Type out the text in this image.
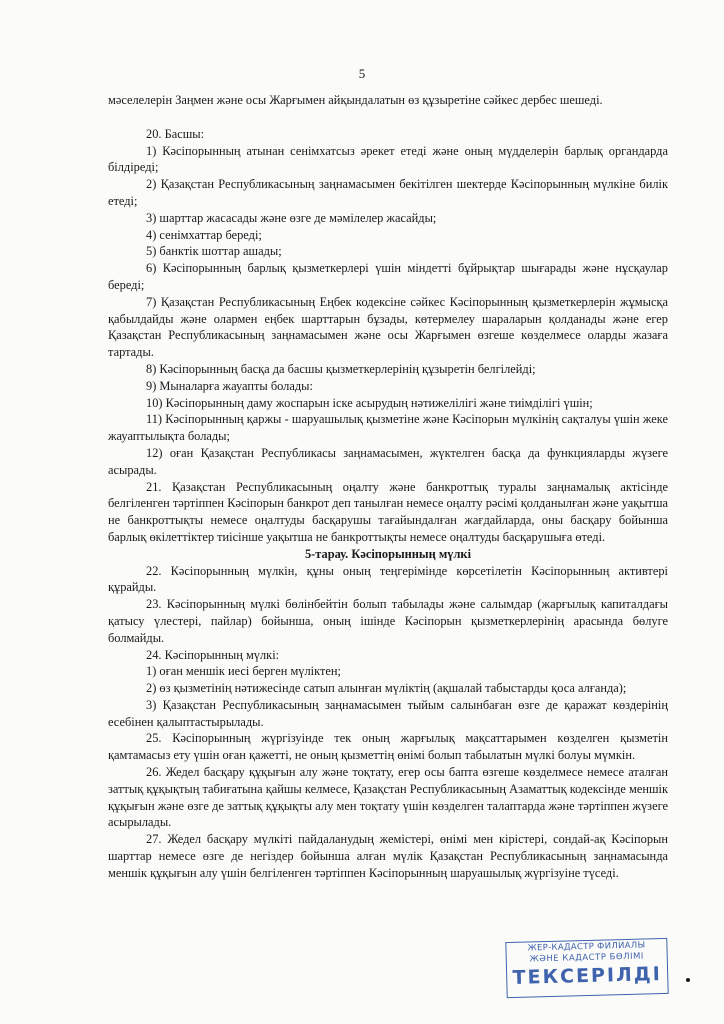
5

мәселелерін Заңмен және осы Жарғымен айқындалатын өз құзыретіне сәйкес дербес шешеді.

20. Басшы:

1) Кәсіпорынның атынан сенімхатсыз әрекет етеді және оның мүдделерін барлық органдарда білдіреді;

2) Қазақстан Республикасының заңнамасымен бекітілген шектерде Кәсіпорынның мүлкіне билік етеді;

3) шарттар жасасады және өзге де мәмілелер жасайды;

4) сенімхаттар береді;

5) банктік шоттар ашады;

6) Кәсіпорынның барлық қызметкерлері үшін міндетті бұйрықтар шығарады және нұсқаулар береді;

7) Қазақстан Республикасының Еңбек кодексіне сәйкес Кәсіпорынның қызметкерлерін жұмысқа қабылдайды және олармен еңбек шарттарын бұзады, көтермелеу шараларын қолданады және егер Қазақстан Республикасының заңнамасымен және осы Жарғымен өзгеше көзделмесе оларды жазаға тартады.

8) Кәсіпорынның басқа да басшы қызметкерлерінің құзыретін белгілейді;

9) Мыналарға жауапты болады:

10) Кәсіпорынның даму жоспарын іске асырудың нәтижелілігі және тиімділігі үшін;

11) Кәсіпорынның қаржы - шаруашылық қызметіне және Кәсіпорын мүлкінің сақталуы үшін жеке жауаптылықта болады;

12) оған Қазақстан Республикасы заңнамасымен, жүктелген басқа да функцияларды жүзеге асырады.

21. Қазақстан Республикасының оңалту және банкроттық туралы заңнамалық актісінде белгіленген тәртіппен Кәсіпорын банкрот деп танылған немесе оңалту рәсімі қолданылған және уақытша не банкроттықты немесе оңалтуды басқарушы тағайындалған жағдайларда, оны басқару бойынша барлық өкілеттіктер тиісінше уақытша не банкроттықты немесе оңалтуды басқарушыға өтеді.

5-тарау. Кәсіпорынның мүлкі

22. Кәсіпорынның мүлкін, құны оның теңгерімінде көрсетілетін Кәсіпорынның активтері құрайды.

23. Кәсіпорынның мүлкі бөлінбейтін болып табылады және салымдар (жарғылық капиталдағы қатысу үлестері, пайлар) бойынша, оның ішінде Кәсіпорын қызметкерлерінің арасында бөлуге болмайды.

24. Кәсіпорынның мүлкі:

1) оған меншік иесі берген мүліктен;

2) өз қызметінің нәтижесінде сатып алынған мүліктің (ақшалай табыстарды қоса алғанда);

3) Қазақстан Республикасының заңнамасымен тыйым салынбаған өзге де қаражат көздерінің есебінен қалыптастырылады.

25. Кәсіпорынның жүргізуінде тек оның жарғылық мақсаттарымен көзделген қызметін қамтамасыз ету үшін оған қажетті, не оның қызметтің өнімі болып табылатын мүлкі болуы мүмкін.

26. Жедел басқару құқығын алу және тоқтату, егер осы бапта өзгеше көзделмесе немесе аталған заттық құқықтың табиғатына қайшы келмесе, Қазақстан Республикасының Азаматтық кодексінде меншік құқығын және өзге де заттық құқықты алу мен тоқтату үшін көзделген талаптарда және тәртіппен жүзеге асырылады.

27. Жедел басқару мүлкіті пайдаланудың жемістері, өнімі мен кірістері, сондай-ақ Кәсіпорын шарттар немесе өзге де негіздер бойынша алған мүлік Қазақстан Республикасының заңнамасында меншік құқығын алу үшін белгіленген тәртіппен Кәсіпорынның шаруашылық жүргізуіне түседі.

ЖЕР-КАДАСТР ФИЛИАЛЫ
ЖӘНЕ КАДАСТР БӨЛІМІ
ТЕКСЕРІЛДІ
